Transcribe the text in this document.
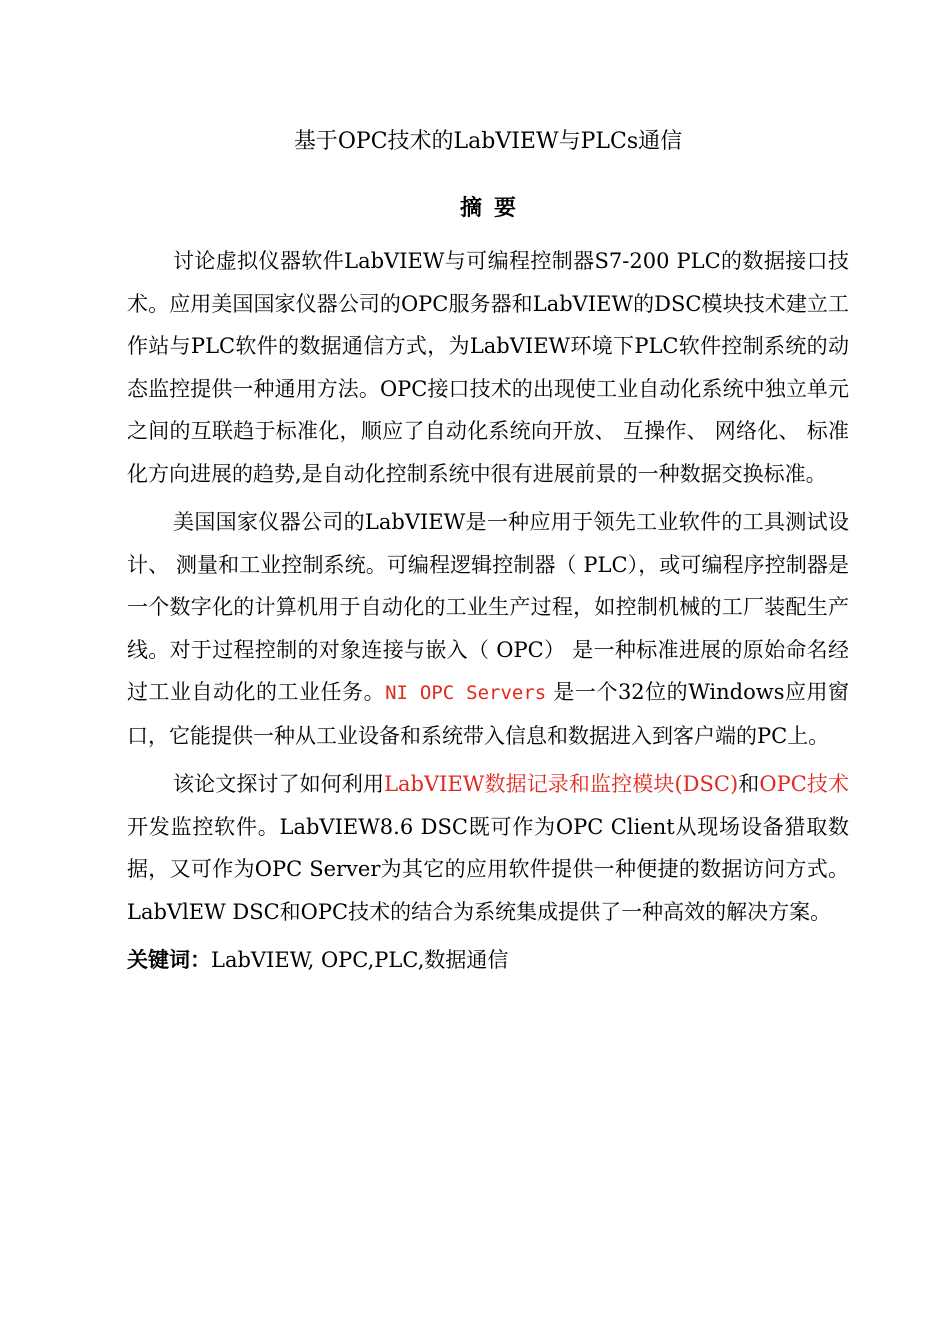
基于OPC技术的LabVIEW与PLCs通信
摘要

讨论虚拟仪器软件LabVIEW与可编程控制器S7-200 PLC的数据接口技术。应用美国国家仪器公司的OPC服务器和LabVIEW的DSC模块技术建立工作站与PLC软件的数据通信方式，为LabVIEW环境下PLC软件控制系统的动态监控提供一种通用方法。OPC接口技术的出现使工业自动化系统中独立单元之间的互联趋于标准化，顺应了自动化系统向开放、 互操作、 网络化、 标准化方向进展的趋势,是自动化控制系统中很有进展前景的一种数据交换标准。

美国国家仪器公司的LabVIEW是一种应用于领先工业软件的工具测试设计、 测量和工业控制系统。可编程逻辑控制器（ PLC），或可编程序控制器是一个数字化的计算机用于自动化的工业生产过程，如控制机械的工厂装配生产线。对于过程控制的对象连接与嵌入（ OPC） 是一种标准进展的原始命名经过工业自动化的工业任务。NI OPC Servers 是一个32位的Windows应用窗口，它能提供一种从工业设备和系统带入信息和数据进入到客户端的PC上。

该论文探讨了如何利用LabVIEW数据记录和监控模块(DSC)和OPC技术开发监控软件。LabVIEW8.6 DSC既可作为OPC Client从现场设备猎取数据，又可作为OPC Server为其它的应用软件提供一种便捷的数据访问方式。LabVlEW DSC和OPC技术的结合为系统集成提供了一种高效的解决方案。

关键词：LabVIEW, OPC,PLC,数据通信
